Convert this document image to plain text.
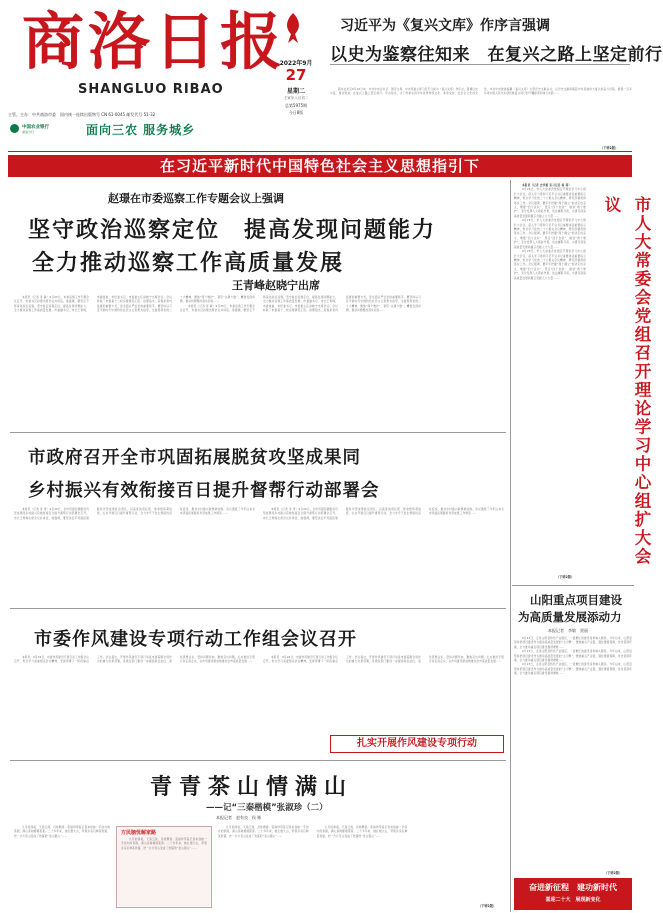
商洛日报
SHANGLUO RIBAO
2022年9月
27
星期二
壬寅年八月初二
总第5975期
今日8版
主管、主办：中共商洛市委　国内统一连续出版物号 CN 61-0045 邮发代号 51-32
中国农业银行
商洛分行	面向三农 服务城乡
习近平为《复兴文库》作序言强调
以史为鉴察往知来　在复兴之路上坚定前行

新华社北京9月26日电　中共中央总书记、国家主席、中央军委主席习近平日前为《复兴文库》作序言，强调以史为鉴、察往知来，在复兴之路上坚定前行。序言指出，为了传承弘扬中华优秀传统文化、革命文化、社会主义先进文化，中共中央批准编纂《复兴文库》大型历史文献丛书，以历史文献串联起中华民族伟大复兴的奋斗历程，展现一百多年来中国人民为实现民族复兴进行的不懈探索和伟大实践……

（下转2版）
在习近平新时代中国特色社会主义思想指引下
赵璟在市委巡察工作专题会议上强调
坚守政治巡察定位　提高发现问题能力
全力推动巡察工作高质量发展
王青峰赵晓宁出席

本报讯（记者 李 敏）9月25日，市委巡察工作专题会议召开，市委书记赵璟出席会议并讲话。他强调，要坚定不移深化政治巡察，坚守政治巡察定位，提高发现问题能力，全力推动巡察工作高质量发展。市委副书记、市长王青峰，市委常委、市纪委书记、市监委主任赵晓宁出席会议。会议听取了市委第十二轮巡察情况汇报。赵璟指出，巡察是党内监督的重要方式，是全面从严治党的重要抓手。要坚持以习近平新时代中国特色社会主义思想为指导，全面贯彻党的二十大精神，聚焦“两个维护”，紧盯“关键少数”，精准发现问题，推动问题整改落实到位……

本报讯（记者 李 敏）9月25日，市委巡察工作专题会议召开，市委书记赵璟出席会议并讲话。他强调，要坚定不移深化政治巡察，坚守政治巡察定位，提高发现问题能力，全力推动巡察工作高质量发展。市委副书记、市长王青峰，市委常委、市纪委书记、市监委主任赵晓宁出席会议。会议听取了市委第十二轮巡察情况汇报。赵璟指出，巡察是党内监督的重要方式，是全面从严治党的重要抓手。要坚持以习近平新时代中国特色社会主义思想为指导，全面贯彻党的二十大精神，聚焦“两个维护”，紧盯“关键少数”，精准发现问题，推动问题整改落实到位……

市政府召开全市巩固拓展脱贫攻坚成果同
乡村振兴有效衔接百日提升督帮行动部署会

本报讯（记者 李 雪）9月26日，全市巩固拓展脱贫攻坚成果同乡村振兴有效衔接百日提升督帮行动部署会召开。市长王青峰出席会议并讲话，他强调，要坚决扛牢巩固拓展脱贫攻坚成果政治责任，以高度的责任感、使命感和紧迫感，扎实开展百日提升督帮行动，全力守牢不发生规模性返贫底线，推动乡村振兴取得新成效。会议通报了今年以来全市巩固拓展脱贫攻坚成果工作情况……

本报讯（记者 李 雪）9月26日，全市巩固拓展脱贫攻坚成果同乡村振兴有效衔接百日提升督帮行动部署会召开。市长王青峰出席会议并讲话，他强调，要坚决扛牢巩固拓展脱贫攻坚成果政治责任，以高度的责任感、使命感和紧迫感，扎实开展百日提升督帮行动，全力守牢不发生规模性返贫底线，推动乡村振兴取得新成效。会议通报了今年以来全市巩固拓展脱贫攻坚成果工作情况……

市委作风建设专项行动工作组会议召开

本报讯　9月26日，市委作风建设专项行动工作组会议召开，传达学习省委相关会议精神，安排部署下一阶段重点工作。会议指出，开展作风建设专项行动是市委着眼全局作出的重大决策部署，各级各部门要进一步提高政治站位，深化思想认识，坚持问题导向，聚焦突出问题，扎实推进专项行动走深走实，以作风建设新成效推动全市高质量发展……

本报讯　9月26日，市委作风建设专项行动工作组会议召开，传达学习省委相关会议精神，安排部署下一阶段重点工作。会议指出，开展作风建设专项行动是市委着眼全局作出的重大决策部署，各级各部门要进一步提高政治站位，深化思想认识，坚持问题导向，聚焦突出问题，扎实推进专项行动走深走实，以作风建设新成效推动全市高质量发展……

扎实开展作风建设专项行动
青青茶山情满山
——记“三秦楷模”张淑珍（二）
本报记者　赵有良　侯 彬

九月的商南，天高云淡，丹桂飘香。张淑珍带着记者来到她一手创办的茶园，满山茶树郁郁葱葱。二十多年来，她扎根大山，带领乡亲们种茶致富，把一片片荒山变成了致富的“金山银山”……

方民脑忧解家路

九月的商南，天高云淡，丹桂飘香。张淑珍带着记者来到她一手创办的茶园，满山茶树郁郁葱葱。二十多年来，她扎根大山，带领乡亲们种茶致富，把一片片荒山变成了致富的“金山银山”……

九月的商南，天高云淡，丹桂飘香。张淑珍带着记者来到她一手创办的茶园，满山茶树郁郁葱葱。二十多年来，她扎根大山，带领乡亲们种茶致富，把一片片荒山变成了致富的“金山银山”……

九月的商南，天高云淡，丹桂飘香。张淑珍带着记者来到她一手创办的茶园，满山茶树郁郁葱葱。二十多年来，她扎根大山，带领乡亲们种茶致富，把一片片荒山变成了致富的“金山银山”……

（下转2版）

本报讯（记者 史华毅 见习记者 杨 莉）

9月26日，市人大常委会党组召开理论学习中心组扩大会议，深入学习贯彻习近平总书记重要讲话重要指示精神，传达学习党的二十大相关会议精神，研究部署贯彻落实工作。会议强调，要牢牢把握“两个确立”的决定性意义，增强“四个意识”、坚定“四个自信”、做到“两个维护”，充分发挥人大职能作用，依法履职尽责，为谱写商洛高质量发展新篇章贡献人大力量……

9月26日，市人大常委会党组召开理论学习中心组扩大会议，深入学习贯彻习近平总书记重要讲话重要指示精神，传达学习党的二十大相关会议精神，研究部署贯彻落实工作。会议强调，要牢牢把握“两个确立”的决定性意义，增强“四个意识”、坚定“四个自信”、做到“两个维护”，充分发挥人大职能作用，依法履职尽责，为谱写商洛高质量发展新篇章贡献人大力量……

9月26日，市人大常委会党组召开理论学习中心组扩大会议，深入学习贯彻习近平总书记重要讲话重要指示精神，传达学习党的二十大相关会议精神，研究部署贯彻落实工作。会议强调，要牢牢把握“两个确立”的决定性意义，增强“四个意识”、坚定“四个自信”、做到“两个维护”，充分发挥人大职能作用，依法履职尽责，为谱写商洛高质量发展新篇章贡献人大力量……

（下转2版）
市人大常委会党组召开理论学习中心组扩大会议
山阳重点项目建设
为高质量发展添动力
本报记者　李敏　贾丽

9月23日，走进山阳县特色产业园区，一派繁忙的建设景象映入眼帘。今年以来，山阳县坚持把项目建设作为推动高质量发展的“主引擎”，聚焦重点产业链，强化要素保障，优化营商环境，全力推动重点项目建设提速增效……

9月23日，走进山阳县特色产业园区，一派繁忙的建设景象映入眼帘。今年以来，山阳县坚持把项目建设作为推动高质量发展的“主引擎”，聚焦重点产业链，强化要素保障，优化营商环境，全力推动重点项目建设提速增效……

9月23日，走进山阳县特色产业园区，一派繁忙的建设景象映入眼帘。今年以来，山阳县坚持把项目建设作为推动高质量发展的“主引擎”，聚焦重点产业链，强化要素保障，优化营商环境，全力推动重点项目建设提速增效……

（下转2版）
奋进新征程　建功新时代
喜迎二十大　展现新变化
